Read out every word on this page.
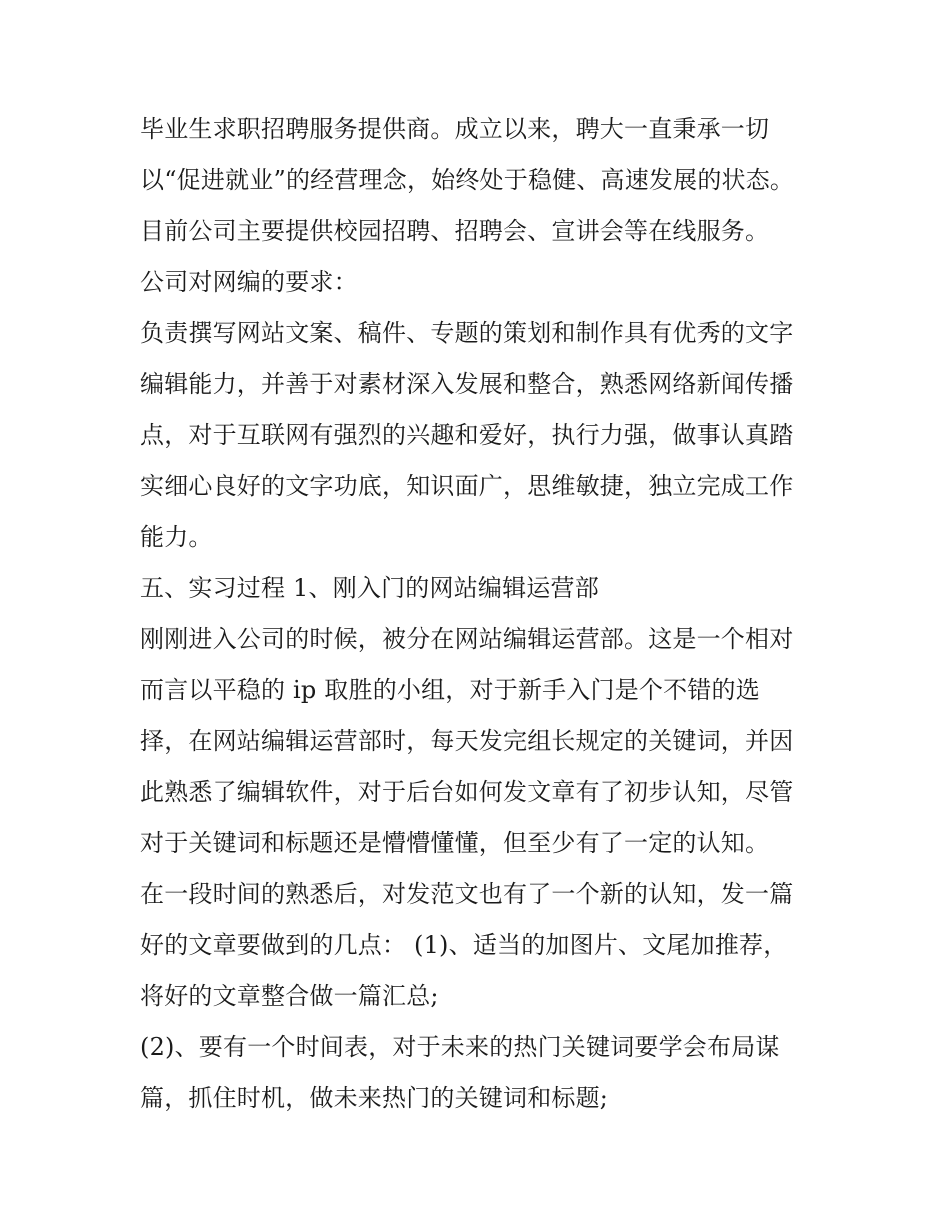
毕业生求职招聘服务提供商。成立以来，聘大一直秉承一切
以“促进就业”的经营理念，始终处于稳健、高速发展的状态。
目前公司主要提供校园招聘、招聘会、宣讲会等在线服务。
公司对网编的要求：
负责撰写网站文案、稿件、专题的策划和制作具有优秀的文字
编辑能力，并善于对素材深入发展和整合，熟悉网络新闻传播
点，对于互联网有强烈的兴趣和爱好，执行力强，做事认真踏
实细心良好的文字功底，知识面广，思维敏捷，独立完成工作
能力。
五、实习过程 1、刚入门的网站编辑运营部
刚刚进入公司的时候，被分在网站编辑运营部。这是一个相对
而言以平稳的 ip 取胜的小组，对于新手入门是个不错的选
择，在网站编辑运营部时，每天发完组长规定的关键词，并因
此熟悉了编辑软件，对于后台如何发文章有了初步认知，尽管
对于关键词和标题还是懵懵懂懂，但至少有了一定的认知。
在一段时间的熟悉后，对发范文也有了一个新的认知，发一篇
好的文章要做到的几点： (1)、适当的加图片、文尾加推荐，
将好的文章整合做一篇汇总;
(2)、要有一个时间表，对于未来的热门关键词要学会布局谋
篇，抓住时机，做未来热门的关键词和标题;
